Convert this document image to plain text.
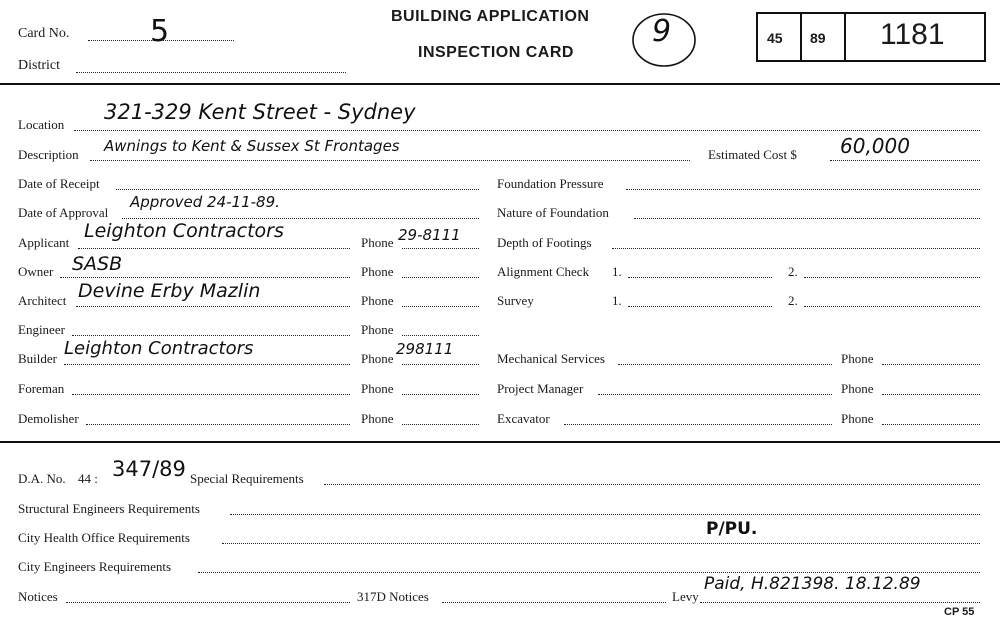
Card No.	5
District
BUILDING APPLICATION
INSPECTION CARD
9	45 89 1181
Location
321-329 Kent Street - Sydney
Description Awnings to Kent & Sussex St Frontages	Estimated Cost $ 60,000
Date of Receipt
Date of Approval
Approved 24-11-89.
Applicant
Leighton Contractors
Phone 29-8111
Owner SASB	Phone
Architect Devine Erby Mazlin	Phone
Engineer	Phone
Builder Leighton Contractors	Phone
298111
Foreman	Phone
Demolisher	Phone
Foundation Pressure
Nature of Foundation
Depth of Footings
Alignment Check 1.	2.
Survey	1.	2.
Mechanical Services	Phone
Project Manager	Phone
Excavator	Phone
D.A. No. 44 : 347/89 Special Requirements
Structural Engineers Requirements
City Health Office Requirements	P/PU.
City Engineers Requirements
Notices	317D Notices	Levy
Paid, H.821398. 18.12.89
CP 55
